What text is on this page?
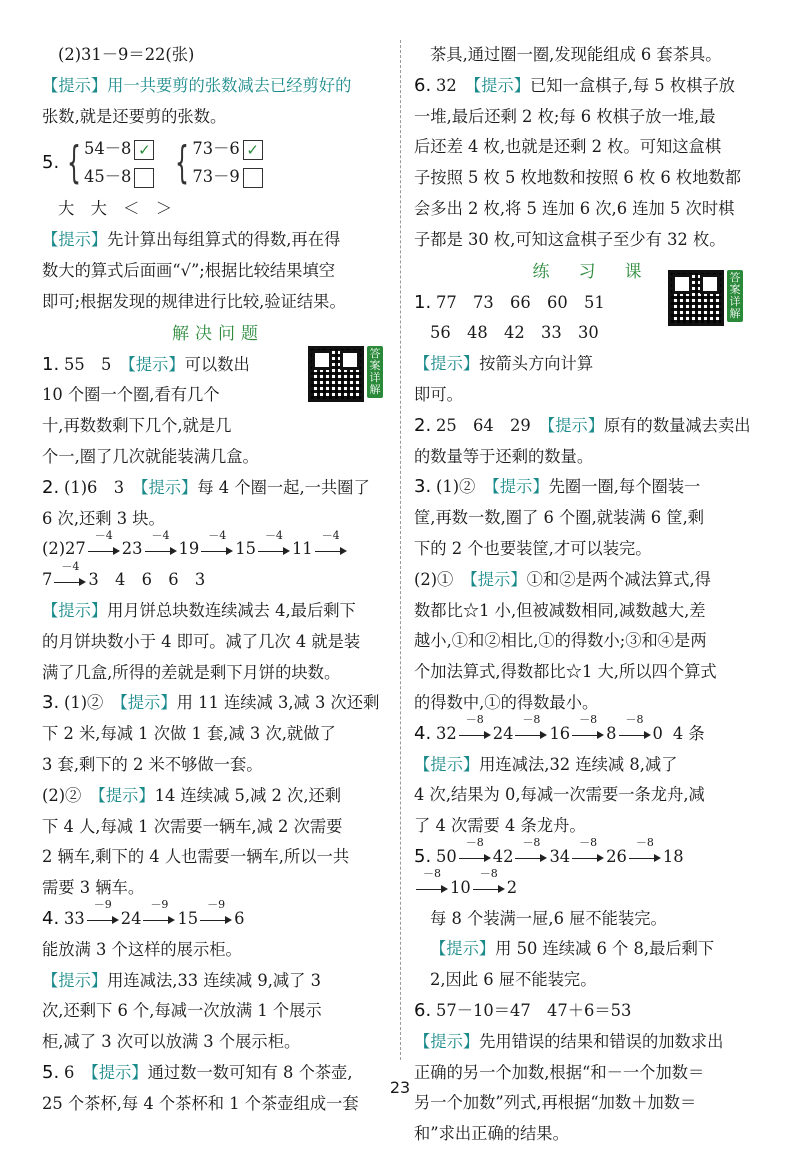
(2)31－9＝22(张)
【提示】用一共要剪的张数减去已经剪好的
张数,就是还要剪的张数。
5. { 54－8 ✓
45－8	{ 73－6 ✓
73－9
大　大　＜　＞
【提示】先计算出每组算式的得数,再在得
数大的算式后面画“√”;根据比较结果填空
即可;根据发现的规律进行比较,验证结果。
解决问题
1. 55　5　【提示】可以数出
10 个圈一个圈,看有几个
十,再数数剩下几个,就是几
个一,圈了几次就能装满几盒。
2. (1)6　3　【提示】每 4 个圈一起,一共圈了
6 次,还剩 3 块。
(2)27
－4
23
－4
19
－4
15
－4
11
－4
7
－4
3　4　6　6　3
【提示】用月饼总块数连续减去 4,最后剩下
的月饼块数小于 4 即可。减了几次 4 就是装
满了几盒,所得的差就是剩下月饼的块数。
3. (1)②　【提示】用 11 连续减 3,减 3 次还剩
下 2 米,每减 1 次做 1 套,减 3 次,就做了
3 套,剩下的 2 米不够做一套。
(2)②　【提示】14 连续减 5,减 2 次,还剩
下 4 人,每减 1 次需要一辆车,减 2 次需要
2 辆车,剩下的 4 人也需要一辆车,所以一共
需要 3 辆车。
4. 33
－9
24
－9
15
－9
6
能放满 3 个这样的展示柜。
【提示】用连减法,33 连续减 9,减了 3
次,还剩下 6 个,每减一次放满 1 个展示
柜,减了 3 次可以放满 3 个展示柜。
5. 6　【提示】通过数一数可知有 8 个茶壶,
25 个茶杯,每 4 个茶杯和 1 个茶壶组成一套
答案详解
茶具,通过圈一圈,发现能组成 6 套茶具。
6. 32　【提示】已知一盒棋子,每 5 枚棋子放
一堆,最后还剩 2 枚;每 6 枚棋子放一堆,最
后还差 4 枚,也就是还剩 2 枚。可知这盒棋
子按照 5 枚 5 枚地数和按照 6 枚 6 枚地数都
会多出 2 枚,将 5 连加 6 次,6 连加 5 次时棋
子都是 30 枚,可知这盒棋子至少有 32 枚。
练　习　课
1. 77　73　66　60　51
56　48　42　33　30
【提示】按箭头方向计算
即可。
2. 25　64　29　【提示】原有的数量减去卖出
的数量等于还剩的数量。
3. (1)②　【提示】先圈一圈,每个圈装一
筐,再数一数,圈了 6 个圈,就装满 6 筐,剩
下的 2 个也要装筐,才可以装完。
(2)①　【提示】①和②是两个减法算式,得
数都比☆1 小,但被减数相同,减数越大,差
越小,①和②相比,①的得数小;③和④是两
个加法算式,得数都比☆1 大,所以四个算式
的得数中,①的得数最小。
4. 32
－8
24
－8
16
－8
8
－8
0 4 条
【提示】用连减法,32 连续减 8,减了
4 次,结果为 0,每减一次需要一条龙舟,减
了 4 次需要 4 条龙舟。
5. 50
－8
42
－8
34
－8
26
－8
18
－8
10
－8
2
每 8 个装满一屉,6 屉不能装完。
【提示】用 50 连续减 6 个 8,最后剩下
2,因此 6 屉不能装完。
6. 57－10＝47　47＋6＝53
【提示】先用错误的结果和错误的加数求出
正确的另一个加数,根据“和－一个加数＝
另一个加数”列式,再根据“加数＋加数＝
和”求出正确的结果。
答案详解
23
